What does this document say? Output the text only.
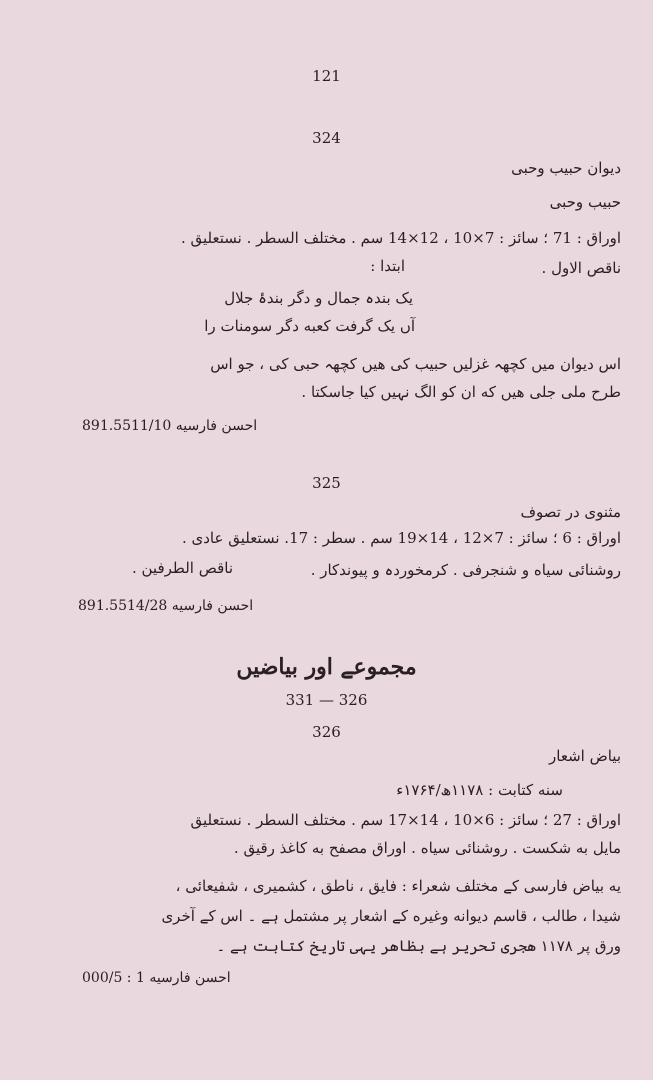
121
324
دیوان حبیب وحبی
حبیب وحبی
اوراق : 71 ؛ سائز : 7×10 ، 12×14 سم . مختلف السطر . نستعلیق .
ناقص الاول .
ابتدا :
یک بندہ جمال و دگر بندۂ جلال
آں یک گرفت کعبه دگر سومنات را
اس دیوان میں کچھہ غزلیں حبیب کی هیں کچھہ حبی کی ، جو اس
طرح ملی جلی هیں که ان کو الگ نہیں کیا جاسکتا .
891.5511/10 احسن فارسیه
325
مثنوی در تصوف
اوراق : 6 ؛ سائز : 7×12 ، 14×19 سم . سطر : 17. نستعلیق عادی .
روشنائی سیاه و شنجرفی . کرمخوردہ و پیوندکار .
ناقص الطرفین .
891.5514/28 احسن فارسیه
مجموعے اور بیاضیں
331 — 326
326
بیاض اشعار
سنه کتابت : ۱۱۷۸ھ/۱۷۶۴ء
اوراق : 27 ؛ سائز : 6×10 ، 14×17 سم . مختلف السطر . نستعلیق
مایل به شکست . روشنائی سیاه . اوراق مصفح به کاغذ رقیق .
یه بیاض فارسی کے مختلف شعراء : فایق ، ناطق ، کشمیری ، شفیعائی ،
شیدا ، طالب ، قاسم دیوانه وغیره کے اشعار پر مشتمل ہے ۔ اس کے آخری
ورق پر ۱۱۷۸ هجری تحریر ہے بظاهر یہی تاریخ کتابت ہے ۔
000/5 : 1 احسن فارسیه
